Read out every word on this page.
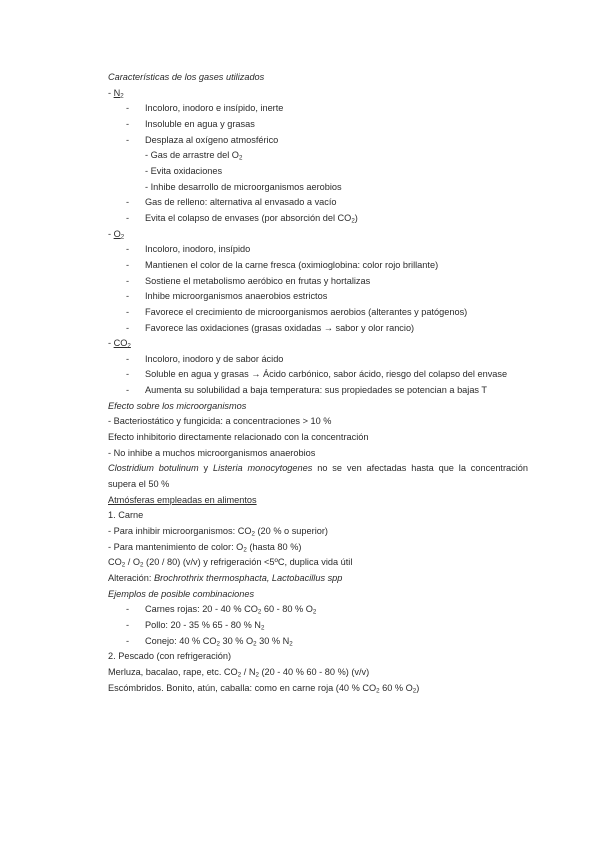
Características de los gases utilizados
- $N_2$
- Incoloro, inodoro e insípido, inerte
- Insoluble en agua y grasas
- Desplaza al oxígeno atmosférico
- Gas de arrastre del $O_2$
- Evita oxidaciones
- Inhibe desarrollo de microorganismos aerobios
- Gas de relleno: alternativa al envasado a vacío
- Evita el colapso de envases (por absorción del $CO_2$)
- $O_2$
- Incoloro, inodoro, insípido
- Mantienen el color de la carne fresca (oximioglobina: color rojo brillante)
- Sostiene el metabolismo aeróbico en frutas y hortalizas
- Inhibe microorganismos anaerobios estrictos
- Favorece el crecimiento de microorganismos aerobios (alterantes y patógenos)
- Favorece las oxidaciones (grasas oxidadas → sabor y olor rancio)
- $CO_2$
- Incoloro, inodoro y de sabor ácido
- Soluble en agua y grasas → Ácido carbónico, sabor ácido, riesgo del colapso del envase
- Aumenta su solubilidad a baja temperatura: sus propiedades se potencian a bajas T
Efecto sobre los microorganismos
- Bacteriostático y fungicida: a concentraciones > 10 %
Efecto inhibitorio directamente relacionado con la concentración
- No inhibe a muchos microorganismos anaerobios
Clostridium botulinum y Listeria monocytogenes no se ven afectadas hasta que la concentración supera el 50 %
Atmósferas empleadas en alimentos
1. Carne
- Para inhibir microorganismos: $CO_2$ (20 % o superior)
- Para mantenimiento de color: $O_2$ (hasta 80 %)
$CO_2 / O_2$ (20 / 80) (v/v) y refrigeración <5ºC, duplica vida útil
Alteración: Brochrothrix thermosphacta, Lactobacillus spp
Ejemplos de posible combinaciones
- Carnes rojas: 20 - 40 % $CO_2$ 60 - 80 % $O_2$
- Pollo: 20 - 35 % 65 - 80 % $N_2$
- Conejo: 40 % $CO_2$ 30 % $O_2$ 30 % $N_2$
2. Pescado (con refrigeración)
Merluza, bacalao, rape, etc. $CO_2 / N_2$ (20 - 40 % 60 - 80 %) (v/v)
Escómbridos. Bonito, atún, caballa: como en carne roja (40 % $CO_2$ 60 % $O_2$)
